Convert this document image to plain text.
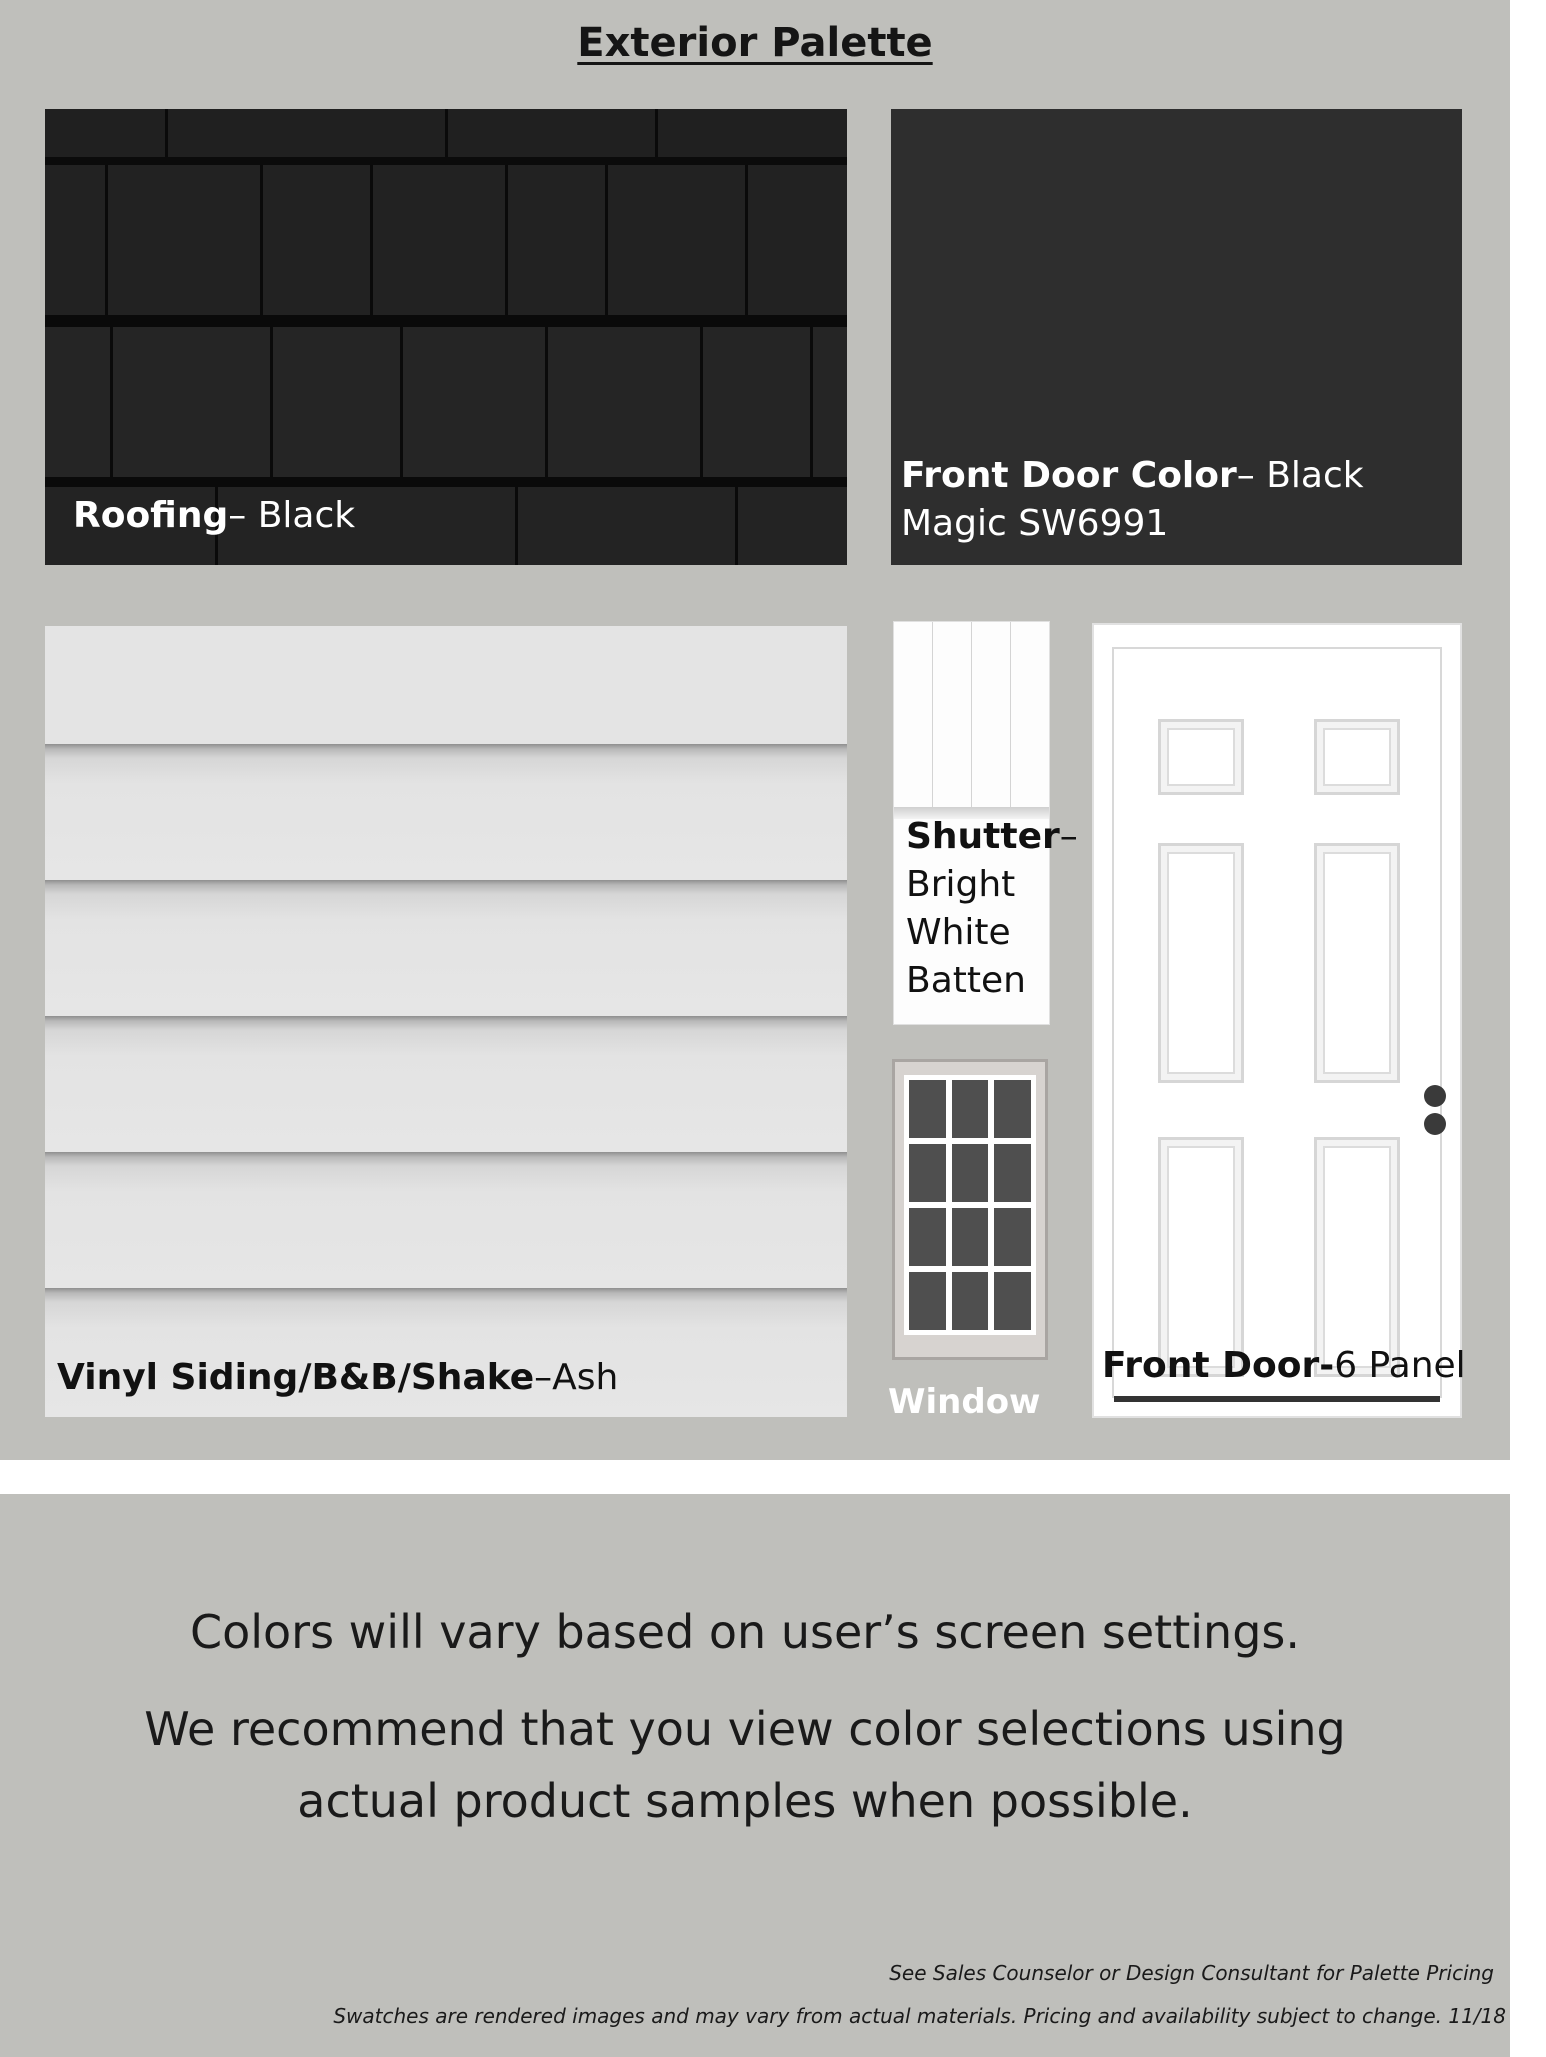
Exterior Palette
Roofing– Black
Front Door Color– Black
Magic SW6991
Vinyl Siding/B&B/Shake–Ash
Shutter–
Bright
White
Batten
Window
Front Door-6 Panel
Colors will vary based on user’s screen settings.
We recommend that you view color selections using
actual product samples when possible.
See Sales Counselor or Design Consultant for Palette Pricing
Swatches are rendered images and may vary from actual materials. Pricing and availability subject to change. 11/18
